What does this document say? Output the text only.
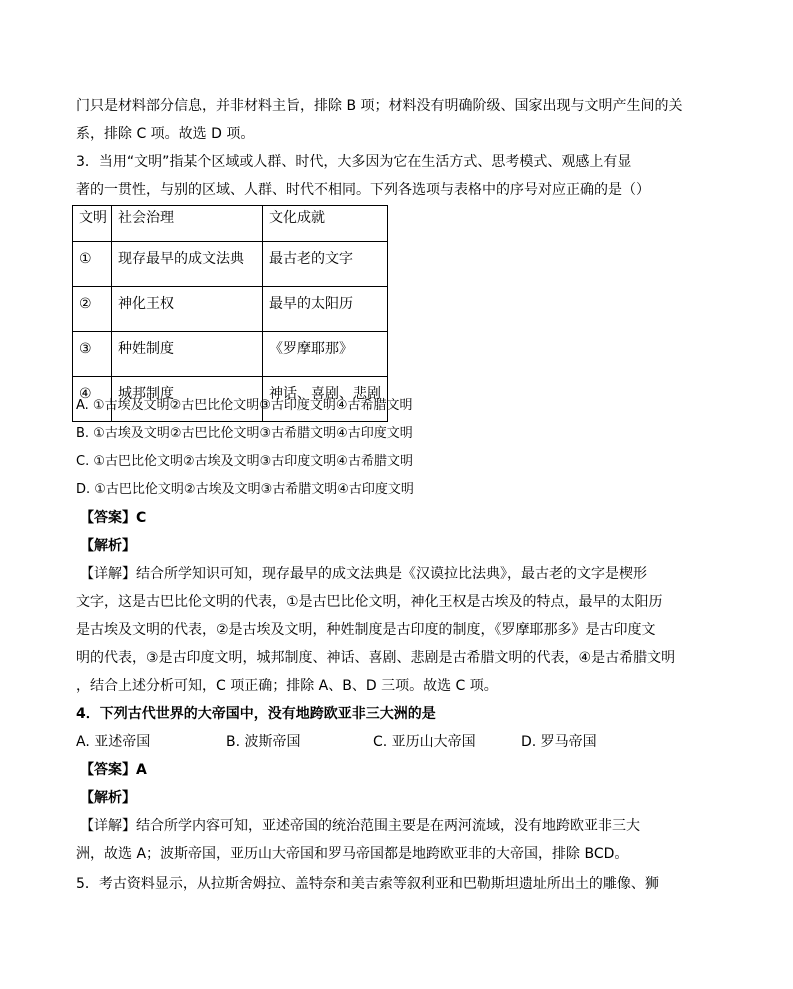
门只是材料部分信息，并非材料主旨，排除 B 项；材料没有明确阶级、国家出现与文明产生间的关
系，排除 C 项。故选 D 项。
3．当用“文明”指某个区域或人群、时代，大多因为它在生活方式、思考模式、观感上有显
著的一贯性，与别的区域、人群、时代不相同。下列各选项与表格中的序号对应正确的是（）
文明	社会治理	文化成就
①	现存最早的成文法典	最古老的文字
②	神化王权	最早的太阳历
③	种姓制度	《罗摩耶那》
④	城邦制度	神话、喜剧、悲剧
A. ①古埃及文明②古巴比伦文明③古印度文明④古希腊文明
B. ①古埃及文明②古巴比伦文明③古希腊文明④古印度文明
C. ①古巴比伦文明②古埃及文明③古印度文明④古希腊文明
D. ①古巴比伦文明②古埃及文明③古希腊文明④古印度文明
【答案】C
【解析】
【详解】结合所学知识可知，现存最早的成文法典是《汉谟拉比法典》，最古老的文字是楔形
文字，这是古巴比伦文明的代表，①是古巴比伦文明，神化王权是古埃及的特点，最早的太阳历
是古埃及文明的代表，②是古埃及文明，种姓制度是古印度的制度，《罗摩耶那多》是古印度文
明的代表，③是古印度文明，城邦制度、神话、喜剧、悲剧是古希腊文明的代表，④是古希腊文明
，结合上述分析可知，C 项正确；排除 A、B、D 三项。故选 C 项。
4．下列古代世界的大帝国中，没有地跨欧亚非三大洲的是
A. 亚述帝国	B. 波斯帝国	C. 亚历山大帝国	D. 罗马帝国
【答案】A
【解析】
【详解】结合所学内容可知，亚述帝国的统治范围主要是在两河流域，没有地跨欧亚非三大
洲，故选 A；波斯帝国，亚历山大帝国和罗马帝国都是地跨欧亚非的大帝国，排除 BCD。
5．考古资料显示，从拉斯舍姆拉、盖特奈和美吉索等叙利亚和巴勒斯坦遗址所出土的雕像、狮
